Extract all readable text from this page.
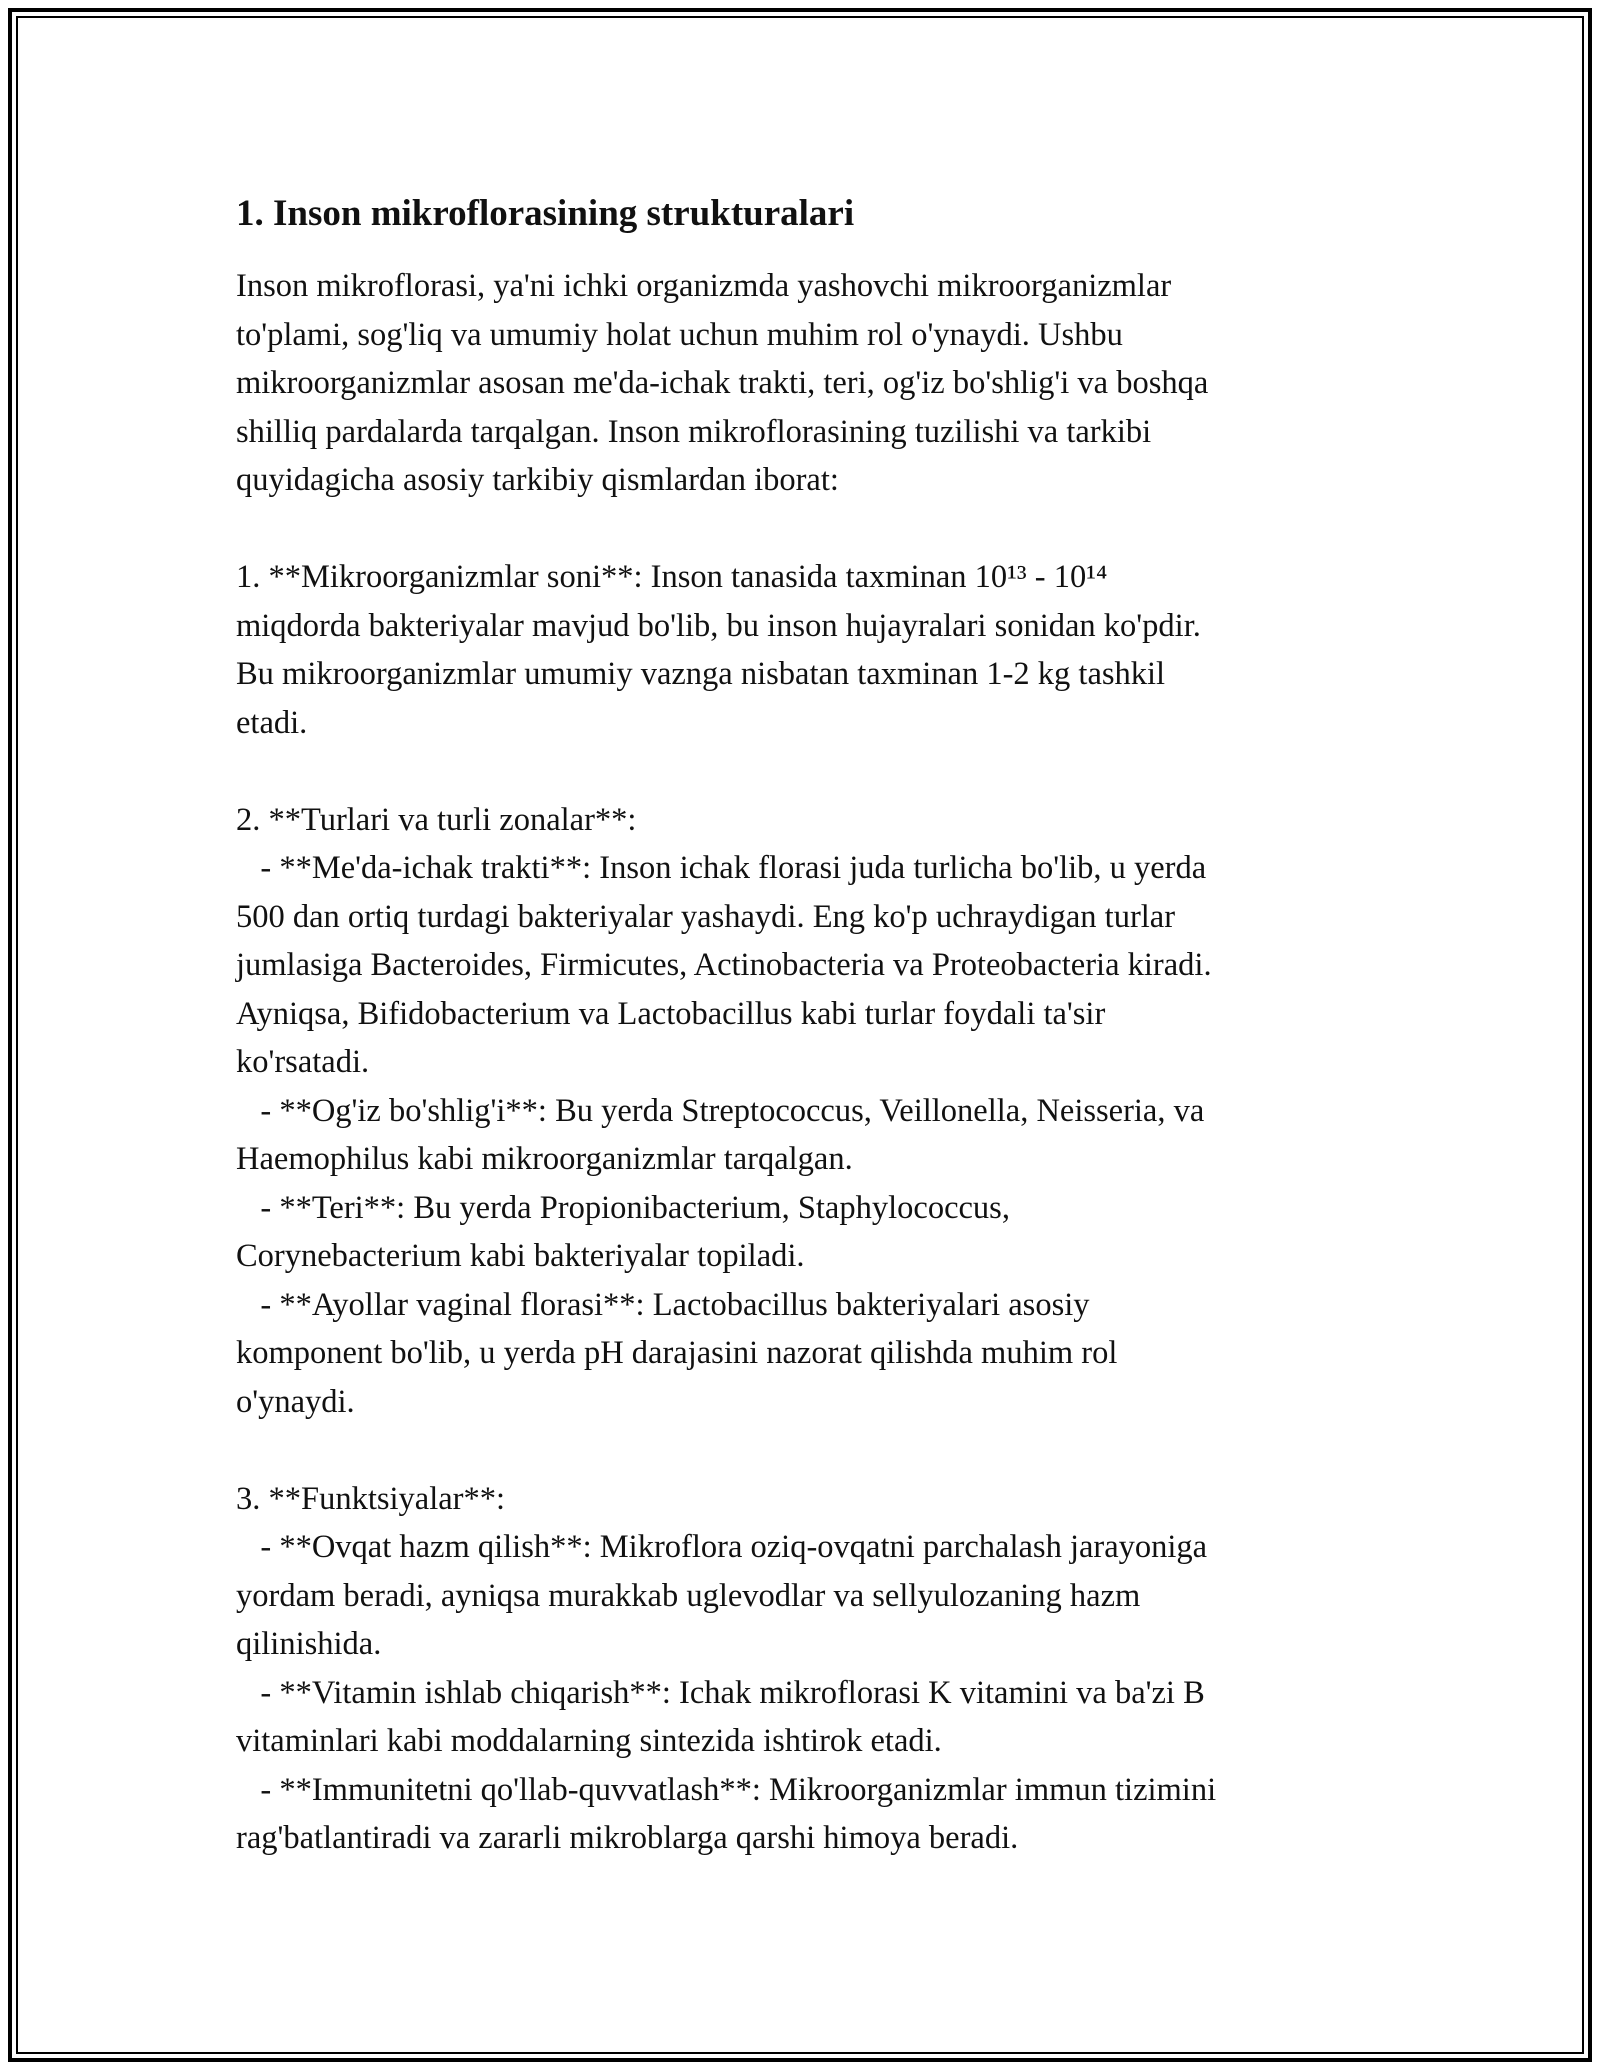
1. Inson mikroflorasining strukturalari

Inson mikroflorasi, ya'ni ichki organizmda yashovchi mikroorganizmlar

to'plami, sog'liq va umumiy holat uchun muhim rol o'ynaydi. Ushbu

mikroorganizmlar asosan me'da-ichak trakti, teri, og'iz bo'shlig'i va boshqa

shilliq pardalarda tarqalgan. Inson mikroflorasining tuzilishi va tarkibi

quyidagicha asosiy tarkibiy qismlardan iborat:

1. **Mikroorganizmlar soni**: Inson tanasida taxminan 10¹³ - 10¹⁴

miqdorda bakteriyalar mavjud bo'lib, bu inson hujayralari sonidan ko'pdir.

Bu mikroorganizmlar umumiy vaznga nisbatan taxminan 1-2 kg tashkil

etadi.

2. **Turlari va turli zonalar**:

- **Me'da-ichak trakti**: Inson ichak florasi juda turlicha bo'lib, u yerda

500 dan ortiq turdagi bakteriyalar yashaydi. Eng ko'p uchraydigan turlar

jumlasiga Bacteroides, Firmicutes, Actinobacteria va Proteobacteria kiradi.

Ayniqsa, Bifidobacterium va Lactobacillus kabi turlar foydali ta'sir

ko'rsatadi.

- **Og'iz bo'shlig'i**: Bu yerda Streptococcus, Veillonella, Neisseria, va

Haemophilus kabi mikroorganizmlar tarqalgan.

- **Teri**: Bu yerda Propionibacterium, Staphylococcus,

Corynebacterium kabi bakteriyalar topiladi.

- **Ayollar vaginal florasi**: Lactobacillus bakteriyalari asosiy

komponent bo'lib, u yerda pH darajasini nazorat qilishda muhim rol

o'ynaydi.

3. **Funktsiyalar**:

- **Ovqat hazm qilish**: Mikroflora oziq-ovqatni parchalash jarayoniga

yordam beradi, ayniqsa murakkab uglevodlar va sellyulozaning hazm

qilinishida.

- **Vitamin ishlab chiqarish**: Ichak mikroflorasi K vitamini va ba'zi B

vitaminlari kabi moddalarning sintezida ishtirok etadi.

- **Immunitetni qo'llab-quvvatlash**: Mikroorganizmlar immun tizimini

rag'batlantiradi va zararli mikroblarga qarshi himoya beradi.
